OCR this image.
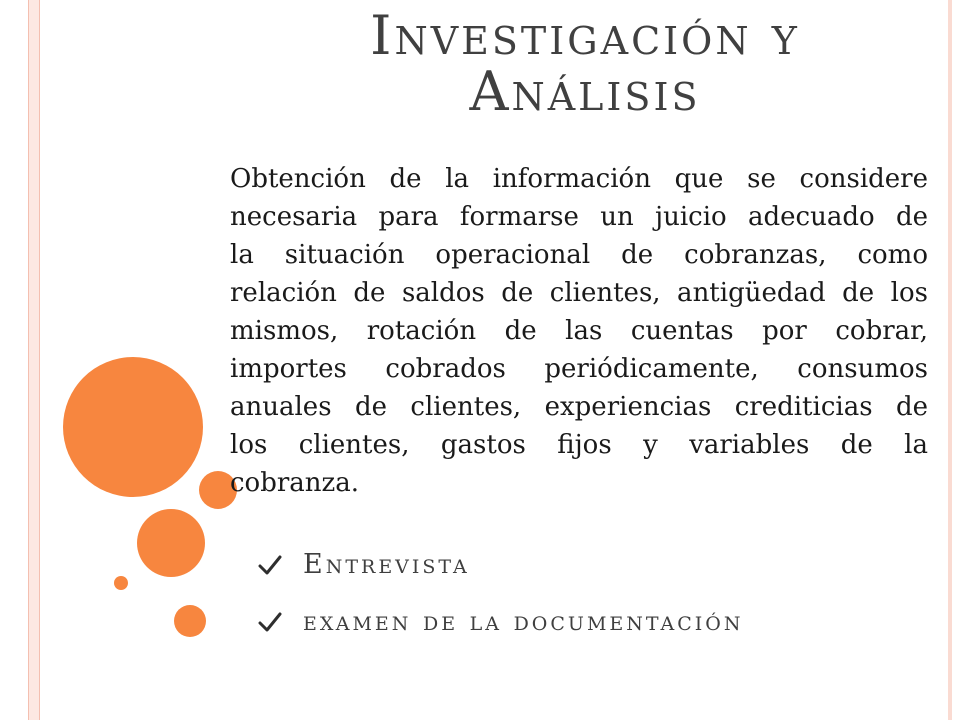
Investigación y Análisis
Obtención de la información que se considere
necesaria para formarse un juicio adecuado de
la situación operacional de cobranzas, como
relación de saldos de clientes, antigüedad de los
mismos, rotación de las cuentas por cobrar,
importes cobrados periódicamente, consumos
anuales de clientes, experiencias crediticias de
los clientes, gastos fijos y variables de la
cobranza.
Entrevista
examen de la documentación
